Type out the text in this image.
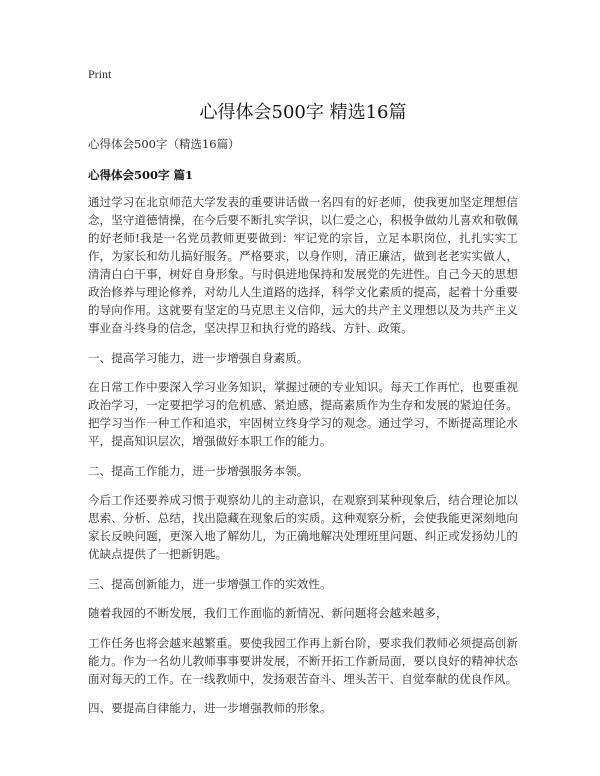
Print
心得体会500字 精选16篇
心得体会500字（精选16篇）
心得体会500字 篇1

通过学习在北京师范大学发表的重要讲话做一名四有的好老师，使我更加坚定理想信念，坚守道德情操，在今后要不断扎实学识，以仁爱之心，积极争做幼儿喜欢和敬佩的好老师!我是一名党员教师更要做到：牢记党的宗旨，立足本职岗位，扎扎实实工作，为家长和幼儿搞好服务。严格要求，以身作则，清正廉洁，做到老老实实做人，清清白白干事，树好自身形象。与时俱进地保持和发展党的先进性。自己今天的思想政治修养与理论修养，对幼儿人生道路的选择，科学文化素质的提高，起着十分重要的导向作用。这就要有坚定的马克思主义信仰，远大的共产主义理想以及为共产主义事业奋斗终身的信念，坚决捍卫和执行党的路线、方针、政策。

一、提高学习能力，进一步增强自身素质。

在日常工作中要深入学习业务知识，掌握过硬的专业知识。每天工作再忙，也要重视政治学习，一定要把学习的危机感、紧迫感，提高素质作为生存和发展的紧迫任务。把学习当作一种工作和追求，牢固树立终身学习的观念。通过学习，不断提高理论水平，提高知识层次，增强做好本职工作的能力。

二、提高工作能力，进一步增强服务本领。

今后工作还要养成习惯于观察幼儿的主动意识，在观察到某种现象后，结合理论加以思索、分析、总结，找出隐藏在现象后的实质。这种观察分析，会使我能更深刻地向家长反映问题，更深入地了解幼儿，为正确地解决处理班里问题、纠正或发扬幼儿的优缺点提供了一把新钥匙。

三、提高创新能力，进一步增强工作的实效性。

随着我园的不断发展，我们工作面临的新情况、新问题将会越来越多，

工作任务也将会越来越繁重。要使我园工作再上新台阶，要求我们教师必须提高创新能力。作为一名幼儿教师事事要讲发展，不断开拓工作新局面，要以良好的精神状态面对每天的工作。在一线教师中，发扬艰苦奋斗、埋头苦干、自觉奉献的优良作风。

四、要提高自律能力，进一步增强教师的形象。
